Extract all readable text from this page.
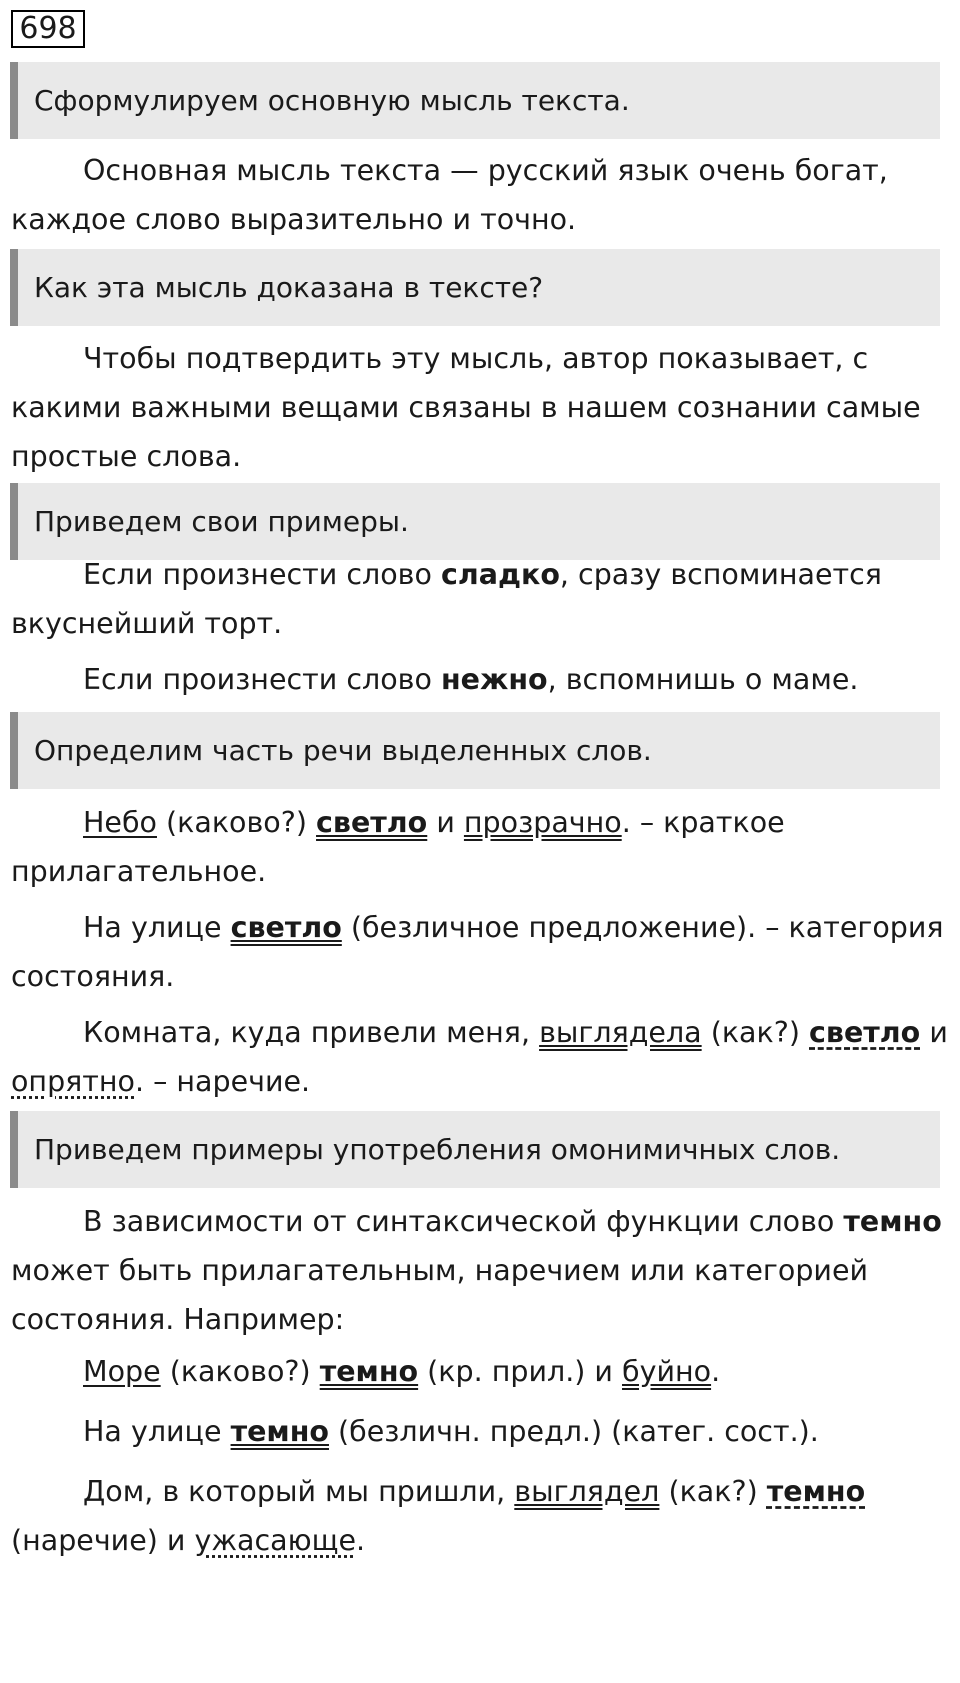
698
Сформулируем основную мысль текста.
Основная мысль текста — русский язык очень богат,
каждое слово выразительно и точно.
Как эта мысль доказана в тексте?
Чтобы подтвердить эту мысль, автор показывает, с
какими важными вещами связаны в нашем сознании самые
простые слова.
Приведем свои примеры.
Если произнести слово сладко, сразу вспоминается
вкуснейший торт.
Если произнести слово нежно, вспомнишь о маме.
Определим часть речи выделенных слов.
Небо (каково?) светло и прозрачно. – краткое
прилагательное.
На улице светло (безличное предложение). – категория
состояния.
Комната, куда привели меня, выглядела (как?) светло и
опрятно. – наречие.
Приведем примеры употребления омонимичных слов.
В зависимости от синтаксической функции слово темно
может быть прилагательным, наречием или категорией
состояния. Например:
Море (каково?) темно (кр. прил.) и буйно.
На улице темно (безличн. предл.) (катег. сост.).
Дом, в который мы пришли, выглядел (как?) темно
(наречие) и ужасающе.
